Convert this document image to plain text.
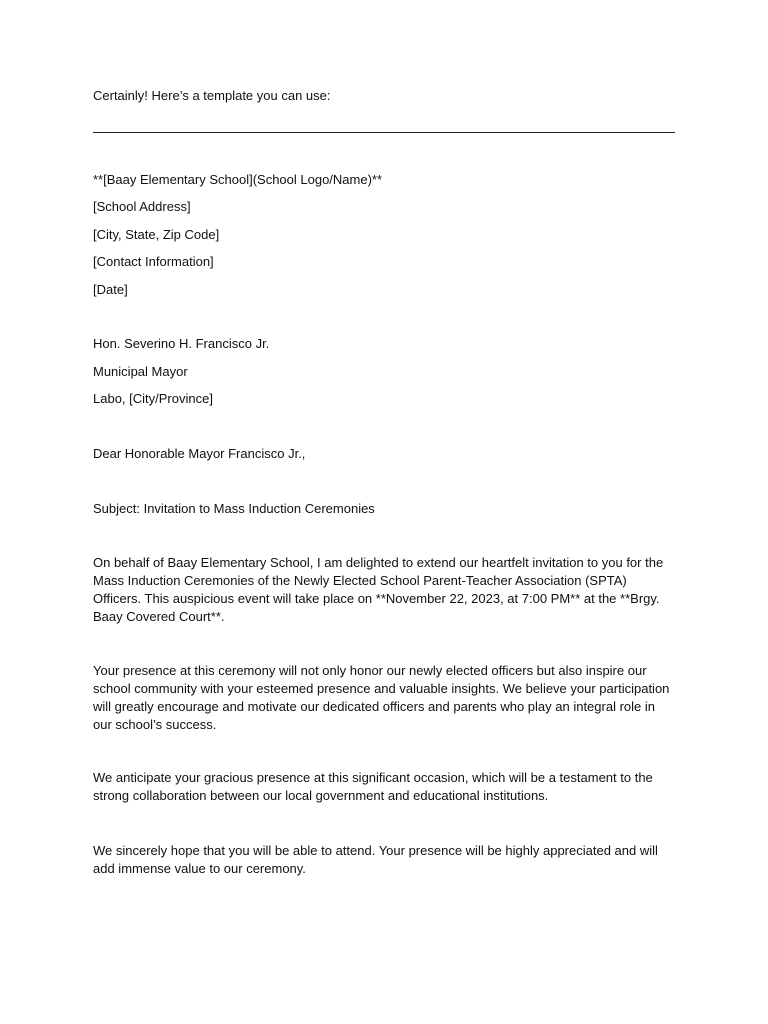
Certainly! Here’s a template you can use:
**[Baay Elementary School](School Logo/Name)**
[School Address]
[City, State, Zip Code]
[Contact Information]
[Date]
Hon. Severino H. Francisco Jr.
Municipal Mayor
Labo, [City/Province]
Dear Honorable Mayor Francisco Jr.,
Subject: Invitation to Mass Induction Ceremonies
On behalf of Baay Elementary School, I am delighted to extend our heartfelt invitation to you for the Mass Induction Ceremonies of the Newly Elected School Parent-Teacher Association (SPTA) Officers. This auspicious event will take place on **November 22, 2023, at 7:00 PM** at the **Brgy. Baay Covered Court**.
Your presence at this ceremony will not only honor our newly elected officers but also inspire our school community with your esteemed presence and valuable insights. We believe your participation will greatly encourage and motivate our dedicated officers and parents who play an integral role in our school’s success.
We anticipate your gracious presence at this significant occasion, which will be a testament to the strong collaboration between our local government and educational institutions.
We sincerely hope that you will be able to attend. Your presence will be highly appreciated and will add immense value to our ceremony.
